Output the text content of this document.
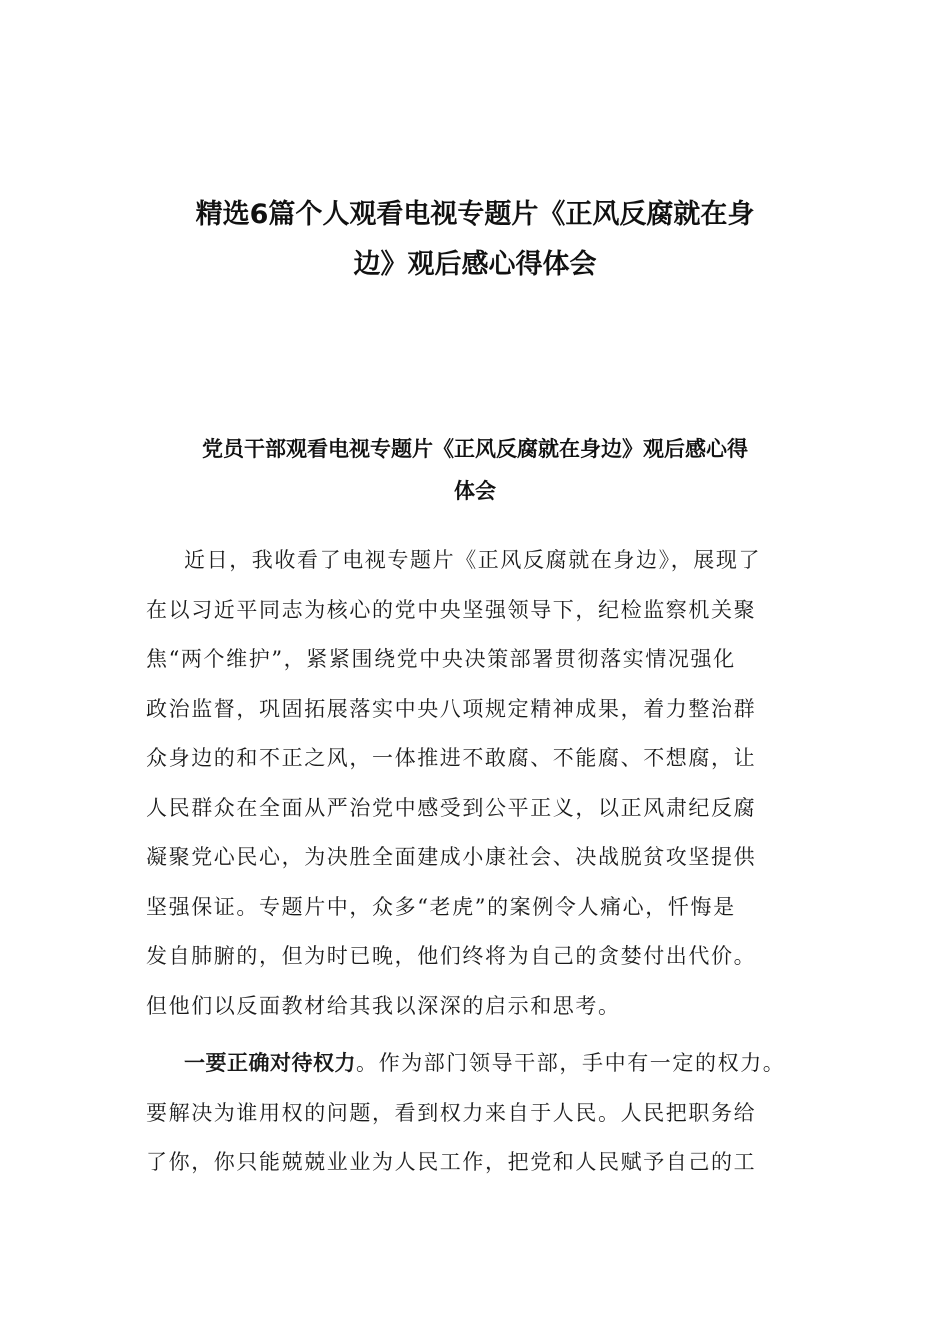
精选6篇个人观看电视专题片《正风反腐就在身
边》观后感心得体会
党员干部观看电视专题片《正风反腐就在身边》观后感心得
体会
近日，我收看了电视专题片《正风反腐就在身边》，展现了
在以习近平同志为核心的党中央坚强领导下，纪检监察机关聚
焦“两个维护”，紧紧围绕党中央决策部署贯彻落实情况强化
政治监督，巩固拓展落实中央八项规定精神成果，着力整治群
众身边的和不正之风，一体推进不敢腐、不能腐、不想腐，让
人民群众在全面从严治党中感受到公平正义，以正风肃纪反腐
凝聚党心民心，为决胜全面建成小康社会、决战脱贫攻坚提供
坚强保证。专题片中，众多“老虎”的案例令人痛心，忏悔是
发自肺腑的，但为时已晚，他们终将为自己的贪婪付出代价。
但他们以反面教材给其我以深深的启示和思考。
一要正确对待权力。作为部门领导干部，手中有一定的权力。
要解决为谁用权的问题，看到权力来自于人民。人民把职务给
了你，你只能兢兢业业为人民工作，把党和人民赋予自己的工
